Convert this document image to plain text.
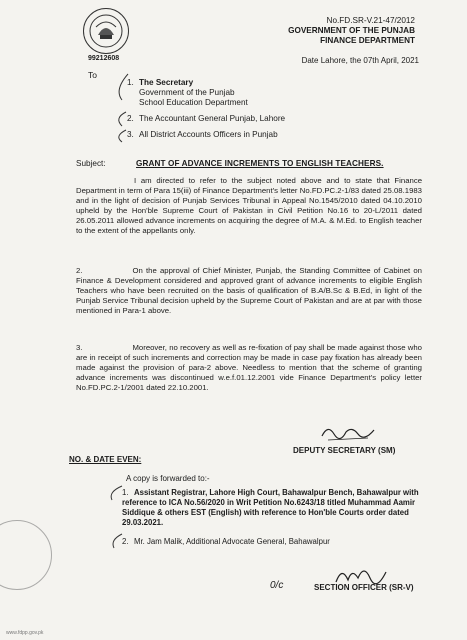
99212608
No.FD.SR-V.21-47/2012
GOVERNMENT OF THE PUNJAB
FINANCE DEPARTMENT
Date Lahore, the 07th April, 2021
To
1. The Secretary
Government of the Punjab
School Education Department
2. The Accountant General Punjab, Lahore
3. All District Accounts Officers in Punjab
Subject:	GRANT OF ADVANCE INCREMENTS TO ENGLISH TEACHERS.
I am directed to refer to the subject noted above and to state that Finance Department in term of Para 15(iii) of Finance Department's letter No.FD.PC.2-1/83 dated 25.08.1983 and in the light of decision of Punjab Services Tribunal in Appeal No.1545/2010 dated 04.10.2010 upheld by the Hon'ble Supreme Court of Pakistan in Civil Petition No.16 to 20-L/2011 dated 26.05.2011 allowed advance increments on acquiring the degree of M.A. & M.Ed. to English teacher to the extent of the appellants only.
2.	On the approval of Chief Minister, Punjab, the Standing Committee of Cabinet on Finance & Development considered and approved grant of advance increments to eligible English Teachers who have been recruited on the basis of qualification of B.A/B.Sc & B.Ed, in light of the Punjab Service Tribunal decision upheld by the Supreme Court of Pakistan and are at par with those mentioned in Para-1 above.
3.	Moreover, no recovery as well as re-fixation of pay shall be made against those who are in receipt of such increments and correction may be made in case pay fixation has already been made against the provision of para-2 above. Needless to mention that the scheme of granting advance increments was discontinued w.e.f.01.12.2001 vide Finance Department's policy letter No.FD.PC.2-1/2001 dated 22.10.2001.
DEPUTY SECRETARY (SM)
NO. & DATE EVEN:
A copy is forwarded to:-
1. Assistant Registrar, Lahore High Court, Bahawalpur Bench, Bahawalpur with reference to ICA No.56/2020 in Writ Petition No.6243/18 titled Muhammad Aamir Siddique & others EST (English) with reference to Hon'ble Courts order dated 29.03.2021.
2. Mr. Jam Malik, Additional Advocate General, Bahawalpur
0/c	SECTION OFFICER (SR-V)
www.fdpp.gov.pk
